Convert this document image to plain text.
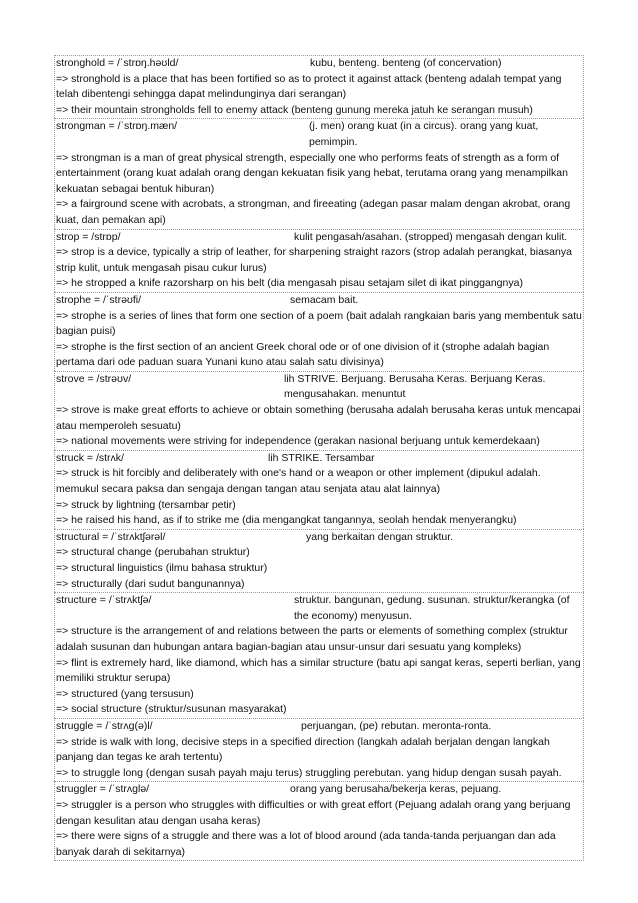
stronghold = /ˈstrɒŋ.həʊld/	kubu, benteng. benteng (of concervation)
=> stronghold is a place that has been fortified so as to protect it against attack (benteng adalah tempat yang telah dibentengi sehingga dapat melindunginya dari serangan)
=> their mountain strongholds fell to enemy attack (benteng gunung mereka jatuh ke serangan musuh)
strongman = /ˈstrɒŋ.mæn/	(j. men) orang kuat (in a circus). orang yang kuat, pemimpin.
=> strongman is a man of great physical strength, especially one who performs feats of strength as a form of entertainment (orang kuat adalah orang dengan kekuatan fisik yang hebat, terutama orang yang menampilkan kekuatan sebagai bentuk hiburan)
=> a fairground scene with acrobats, a strongman, and fireeating (adegan pasar malam dengan akrobat, orang kuat, dan pemakan api)
strop = /strɒp/	kulit pengasah/asahan. (stropped) mengasah dengan kulit.
=> strop is a device, typically a strip of leather, for sharpening straight razors (strop adalah perangkat, biasanya strip kulit, untuk mengasah pisau cukur lurus)
=> he stropped a knife razorsharp on his belt (dia mengasah pisau setajam silet di ikat pinggangnya)
strophe = /ˈstrəʊfi/	semacam bait.
=> strophe is a series of lines that form one section of a poem (bait adalah rangkaian baris yang membentuk satu bagian puisi)
=> strophe is the first section of an ancient Greek choral ode or of one division of it (strophe adalah bagian pertama dari ode paduan suara Yunani kuno atau salah satu divisinya)
strove = /strəʊv/	lih STRIVE. Berjuang. Berusaha Keras. Berjuang Keras. mengusahakan. menuntut
=> strove is make great efforts to achieve or obtain something (berusaha adalah berusaha keras untuk mencapai atau memperoleh sesuatu)
=> national movements were striving for independence (gerakan nasional berjuang untuk kemerdekaan)
struck = /strʌk/	lih STRIKE. Tersambar
=> struck is hit forcibly and deliberately with one's hand or a weapon or other implement (dipukul adalah. memukul secara paksa dan sengaja dengan tangan atau senjata atau alat lainnya)
=> struck by lightning (tersambar petir)
=> he raised his hand, as if to strike me (dia mengangkat tangannya, seolah hendak menyerangku)
structural = /ˈstrʌktʃərəl/	yang berkaitan dengan struktur.
=> structural change (perubahan struktur)
=> structural linguistics (ilmu bahasa struktur)
=> structurally (dari sudut bangunannya)
structure = /ˈstrʌktʃə/	struktur. bangunan, gedung. susunan. struktur/kerangka (of the economy) menyusun.
=> structure is the arrangement of and relations between the parts or elements of something complex (struktur adalah susunan dan hubungan antara bagian-bagian atau unsur-unsur dari sesuatu yang kompleks)
=> flint is extremely hard, like diamond, which has a similar structure (batu api sangat keras, seperti berlian, yang memiliki struktur serupa)
=> structured (yang tersusun)
=> social structure (struktur/susunan masyarakat)
struggle = /ˈstrʌg(ə)l/	perjuangan, (pe) rebutan. meronta-ronta.
=> stride is walk with long, decisive steps in a specified direction (langkah adalah berjalan dengan langkah panjang dan tegas ke arah tertentu)
=> to struggle long (dengan susah payah maju terus) struggling perebutan. yang hidup dengan susah payah.
struggler = /ˈstrʌglə/	orang yang berusaha/bekerja keras, pejuang.
=> struggler is a person who struggles with difficulties or with great effort (Pejuang adalah orang yang berjuang dengan kesulitan atau dengan usaha keras)
=> there were signs of a struggle and there was a lot of blood around (ada tanda-tanda perjuangan dan ada banyak darah di sekitarnya)
